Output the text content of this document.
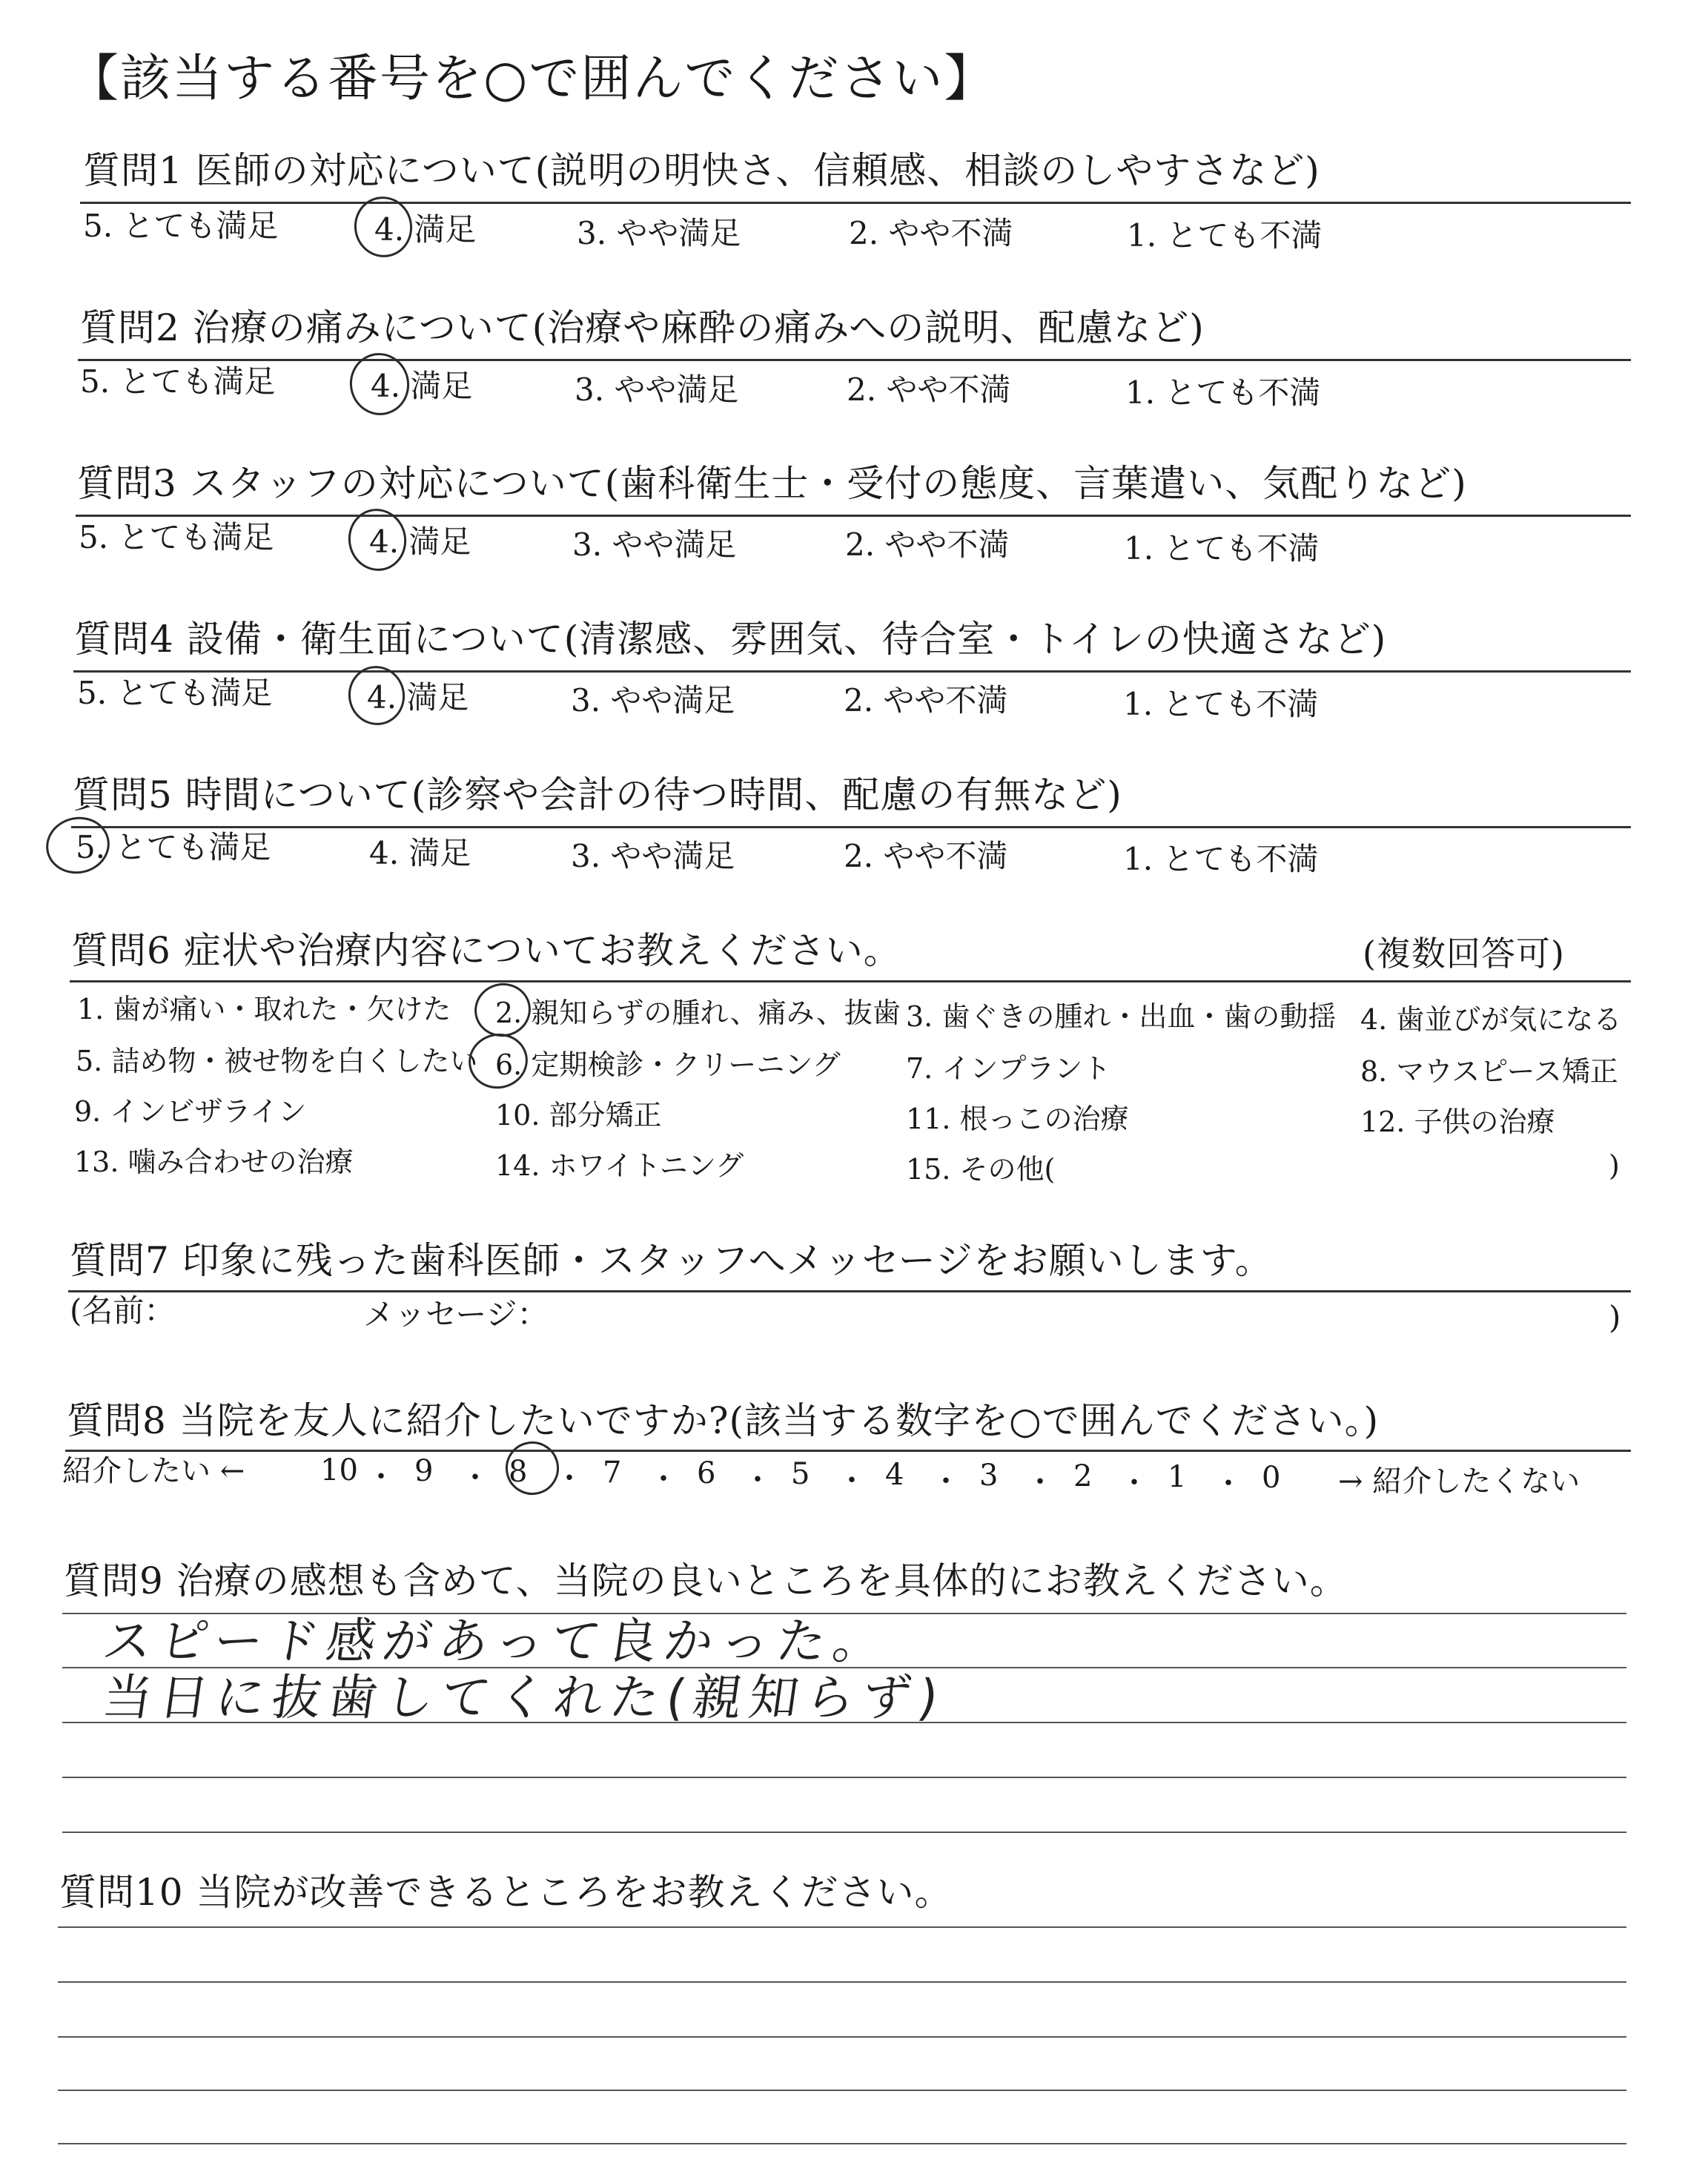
【該当する番号を○で囲んでください】
質問1 医師の対応について(説明の明快さ、信頼感、相談のしやすさなど)
5. とても満足	4. 満足	3. やや満足	2. やや不満	1. とても不満
質問2 治療の痛みについて(治療や麻酔の痛みへの説明、配慮など)
5. とても満足	4. 満足	3. やや満足	2. やや不満	1. とても不満
質問3 スタッフの対応について(歯科衛生士・受付の態度、言葉遣い、気配りなど)
5. とても満足	4. 満足	3. やや満足	2. やや不満	1. とても不満
質問4 設備・衛生面について(清潔感、雰囲気、待合室・トイレの快適さなど)
5. とても満足	4. 満足	3. やや満足	2. やや不満	1. とても不満
質問5 時間について(診察や会計の待つ時間、配慮の有無など)
5. とても満足	4. 満足	3. やや満足	2. やや不満	1. とても不満
質問6 症状や治療内容についてお教えください。	(複数回答可)
1. 歯が痛い・取れた・欠けた 2. 親知らずの腫れ、痛み、抜歯 3. 歯ぐきの腫れ・出血・歯の動揺 4. 歯並びが気になる
5. 詰め物・被せ物を白くしたい 6. 定期検診・クリーニング 7. インプラント	8. マウスピース矯正
9. インビザライン	10. 部分矯正	11. 根っこの治療	12. 子供の治療
13. 噛み合わせの治療	14. ホワイトニング	15. その他(	)
質問7 印象に残った歯科医師・スタッフへメッセージをお願いします。
(名前：	メッセージ：	)
質問8 当院を友人に紹介したいですか?(該当する数字を○で囲んでください。)
紹介したい ←	→ 紹介したくない
10 ・ 9 ・ 8 ・ 7 ・ 6 ・ 5 ・ 4 ・ 3 ・ 2 ・ 1 ・ 0
質問9 治療の感想も含めて、当院の良いところを具体的にお教えください。
スピード感があって良かった。
当日に抜歯してくれた(親知らず)
質問10 当院が改善できるところをお教えください。
